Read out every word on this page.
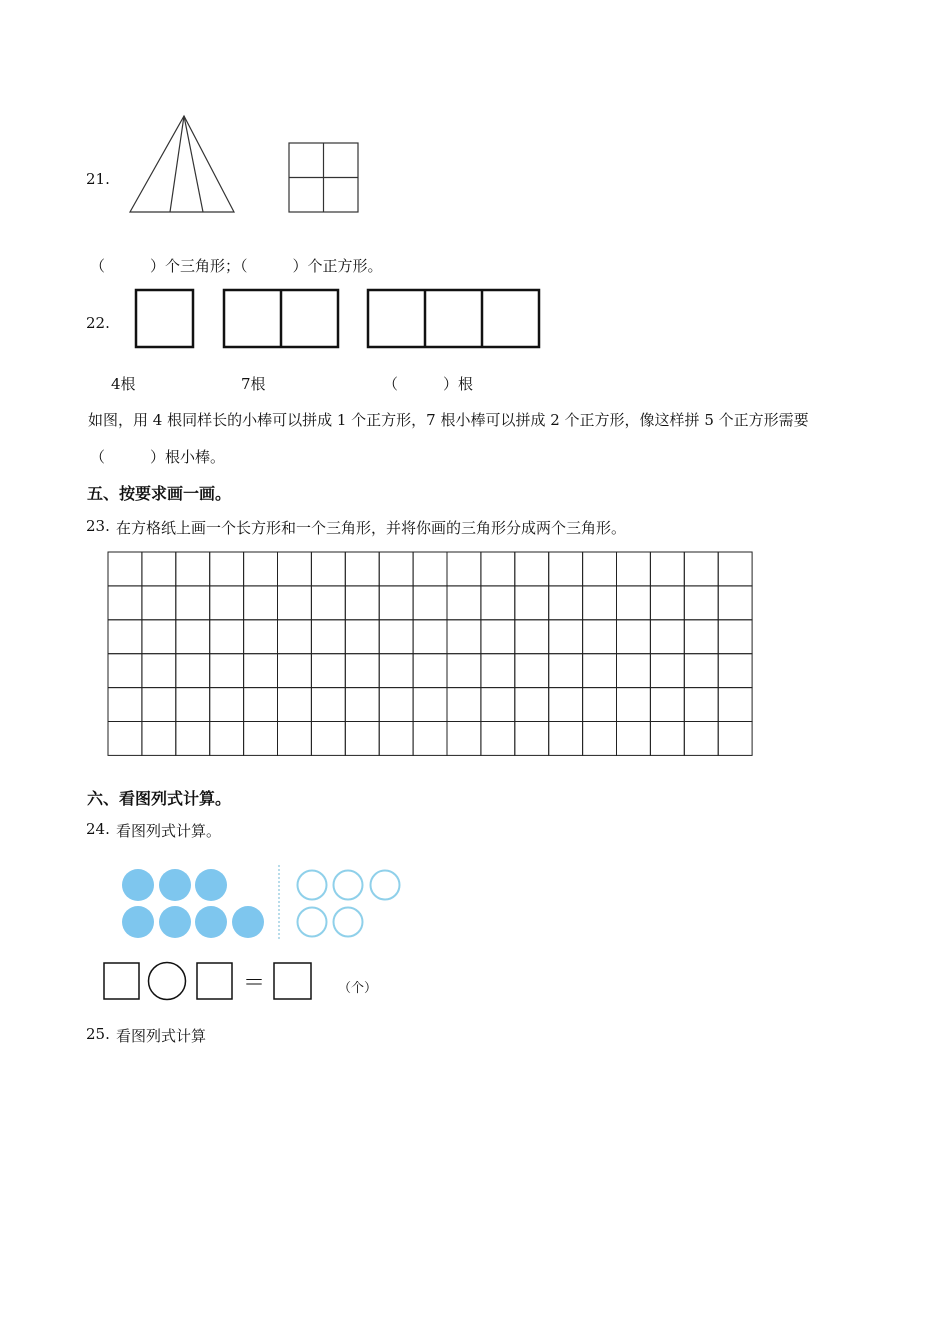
21.
（　　　）个三角形；（　　　）个正方形。
22.
4根	7根	（　　　）根
如图，用 4 根同样长的小棒可以拼成 1 个正方形，7 根小棒可以拼成 2 个正方形，像这样拼 5 个正方形需要
（　　　）根小棒。
五、按要求画一画。
23. 在方格纸上画一个长方形和一个三角形，并将你画的三角形分成两个三角形。
六、看图列式计算。
24. 看图列式计算。
＝	（个）
25. 看图列式计算
